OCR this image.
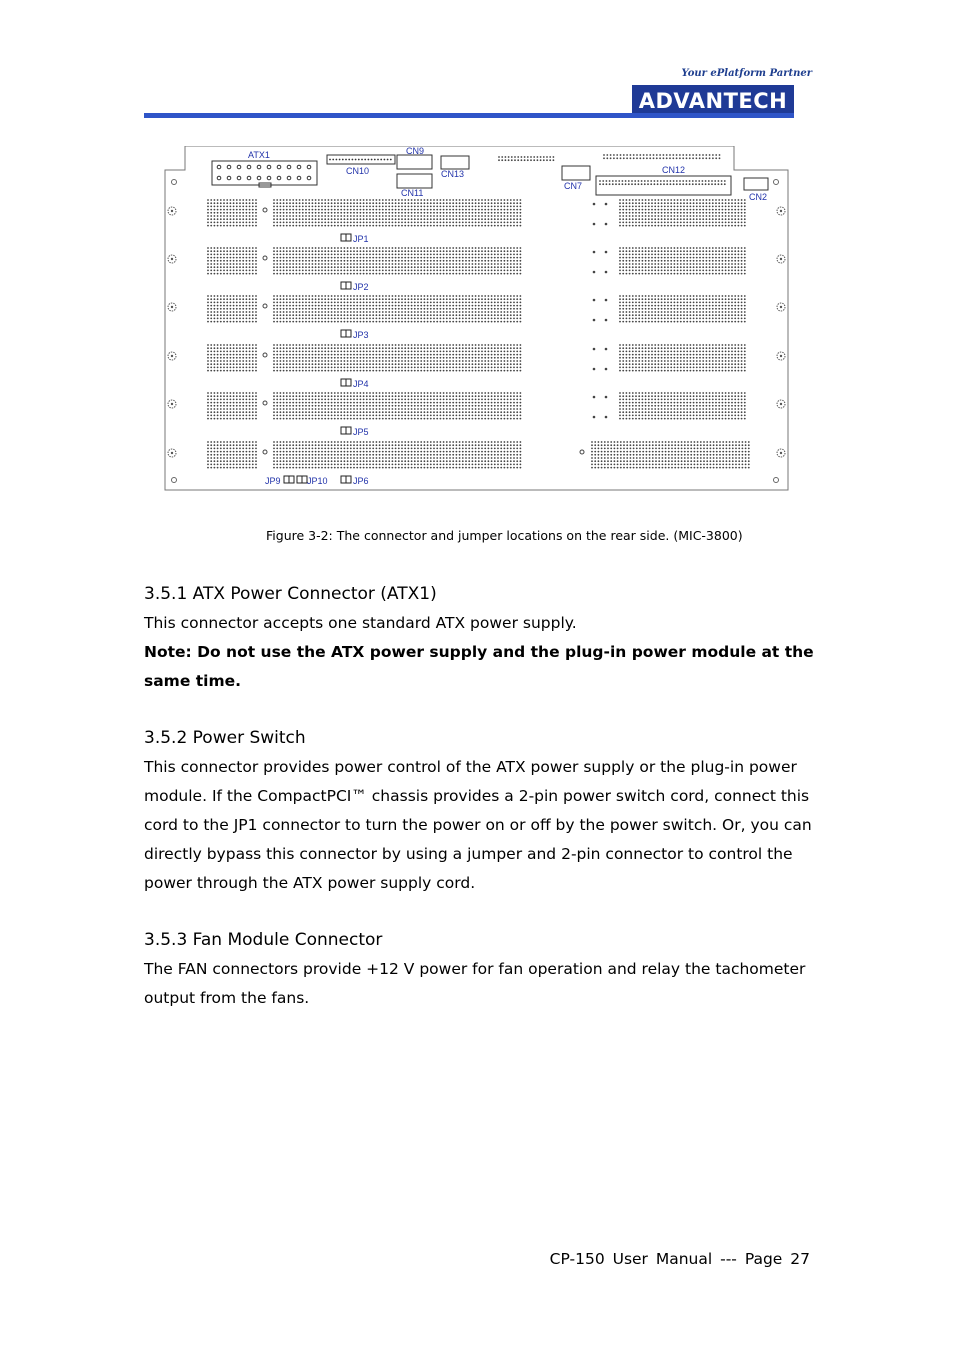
Your ePlatform Partner
ADVANTECH
ATX1
CN10
CN9
CN11
CN13
CN7
CN12
CN2
JP1
JP2
JP3
JP4
JP5
JP6
JP9	JP10
Figure 3-2: The connector and jumper locations on the rear side. (MIC-3800)
3.5.1 ATX Power Connector (ATX1)
This connector accepts one standard ATX power supply.
Note: Do not use the ATX power supply and the plug-in power module at the same time.
3.5.2 Power Switch
This connector provides power control of the ATX power supply or the plug-in power module. If the CompactPCI™ chassis provides a 2-pin power switch cord, connect this cord to the JP1 connector to turn the power on or off by the power switch. Or, you can directly bypass this connector by using a jumper and 2-pin connector to control the power through the ATX power supply cord.
3.5.3 Fan Module Connector
The FAN connectors provide +12 V power for fan operation and relay the tachometer output from the fans.
CP-150 User Manual --- Page 27
